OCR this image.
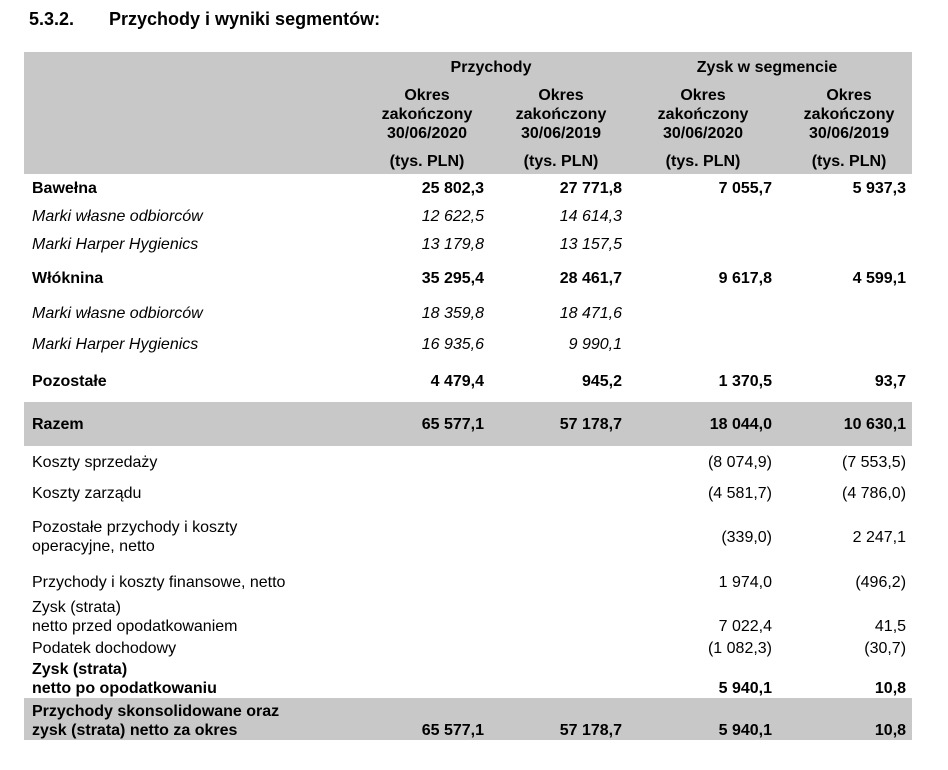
5.3.2. Przychody i wyniki segmentów:
	Przychody		Zysk w segmencie	

	Okres
zakończony
30/06/2020	Okres
zakończony
30/06/2019	Okres
zakończony
30/06/2020	Okres
zakończony
30/06/2019

	(tys. PLN)	(tys. PLN)	(tys. PLN)	(tys. PLN)

Bawełna	25 802,3	27 771,8	7 055,7	5 937,3
Marki własne odbiorców	12 622,5	14 614,3		
Marki Harper Hygienics	13 179,8	13 157,5		
Włóknina	35 295,4	28 461,7	9 617,8	4 599,1
Marki własne odbiorców	18 359,8	18 471,6		
Marki Harper Hygienics	16 935,6	9 990,1		
Pozostałe	4 479,4	945,2	1 370,5	93,7
Razem	65 577,1	57 178,7	18 044,0	10 630,1
Koszty sprzedaży			(8 074,9)	(7 553,5)
Koszty zarządu			(4 581,7)	(4 786,0)

Pozostałe przychody i koszty
operacyjne, netto			(339,0)	2 247,1
Przychody i koszty finansowe, netto			1 974,0	(496,2)

Zysk (strata)
netto przed opodatkowaniem			7 022,4	41,5
Podatek dochodowy			(1 082,3)	(30,7)

Zysk (strata)
netto po opodatkowaniu			5 940,1	10,8

Przychody skonsolidowane oraz
zysk (strata) netto za okres	65 577,1	57 178,7	5 940,1	10,8
